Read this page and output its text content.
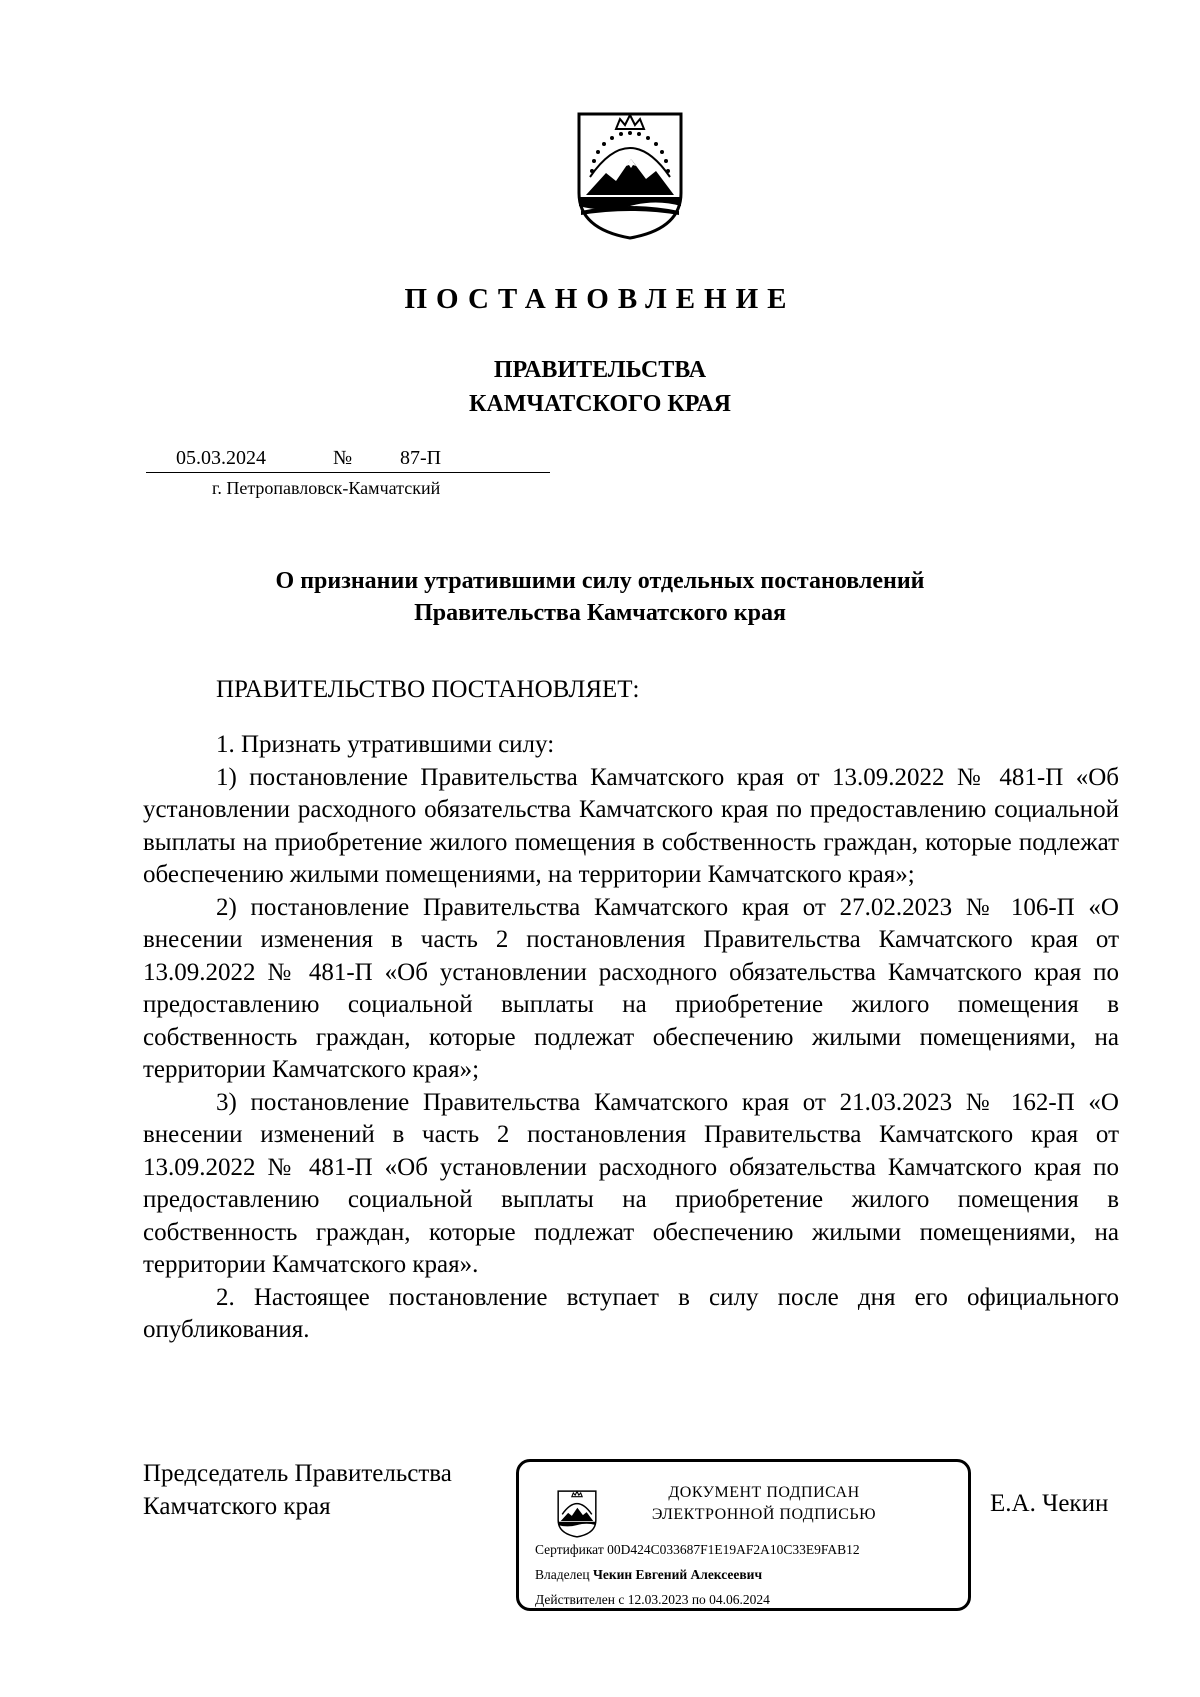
ПОСТАНОВЛЕНИЕ
ПРАВИТЕЛЬСТВА
КАМЧАТСКОГО КРАЯ
05.03.2024	№ 87-П
г. Петропавловск-Камчатский
О признании утратившими силу отдельных постановлений
Правительства Камчатского края
ПРАВИТЕЛЬСТВО ПОСТАНОВЛЯЕТ:

1. Признать утратившими силу:

1) постановление Правительства Камчатского края от 13.09.2022 № 481-П «Об установлении расходного обязательства Камчатского края по предоставлению социальной выплаты на приобретение жилого помещения в собственность граждан, которые подлежат обеспечению жилыми помещениями, на территории Камчатского края»;

2) постановление Правительства Камчатского края от 27.02.2023 № 106-П «О внесении изменения в часть 2 постановления Правительства Камчатского края от 13.09.2022 № 481-П «Об установлении расходного обязательства Камчатского края по предоставлению социальной выплаты на приобретение жилого помещения в собственность граждан, которые подлежат обеспечению жилыми помещениями, на территории Камчатского края»;

3) постановление Правительства Камчатского края от 21.03.2023 № 162-П «О внесении изменений в часть 2 постановления Правительства Камчатского края от 13.09.2022 № 481-П «Об установлении расходного обязательства Камчатского края по предоставлению социальной выплаты на приобретение жилого помещения в собственность граждан, которые подлежат обеспечению жилыми помещениями, на территории Камчатского края».

2. Настоящее постановление вступает в силу после дня его официального опубликования.

Председатель Правительства
Камчатского края	Е.А. Чекин
ДОКУМЕНТ ПОДПИСАН
ЭЛЕКТРОННОЙ ПОДПИСЬЮ
Сертификат 00D424C033687F1E19AF2A10C33E9FAB12
Владелец Чекин Евгений Алексеевич
Действителен с 12.03.2023 по 04.06.2024
